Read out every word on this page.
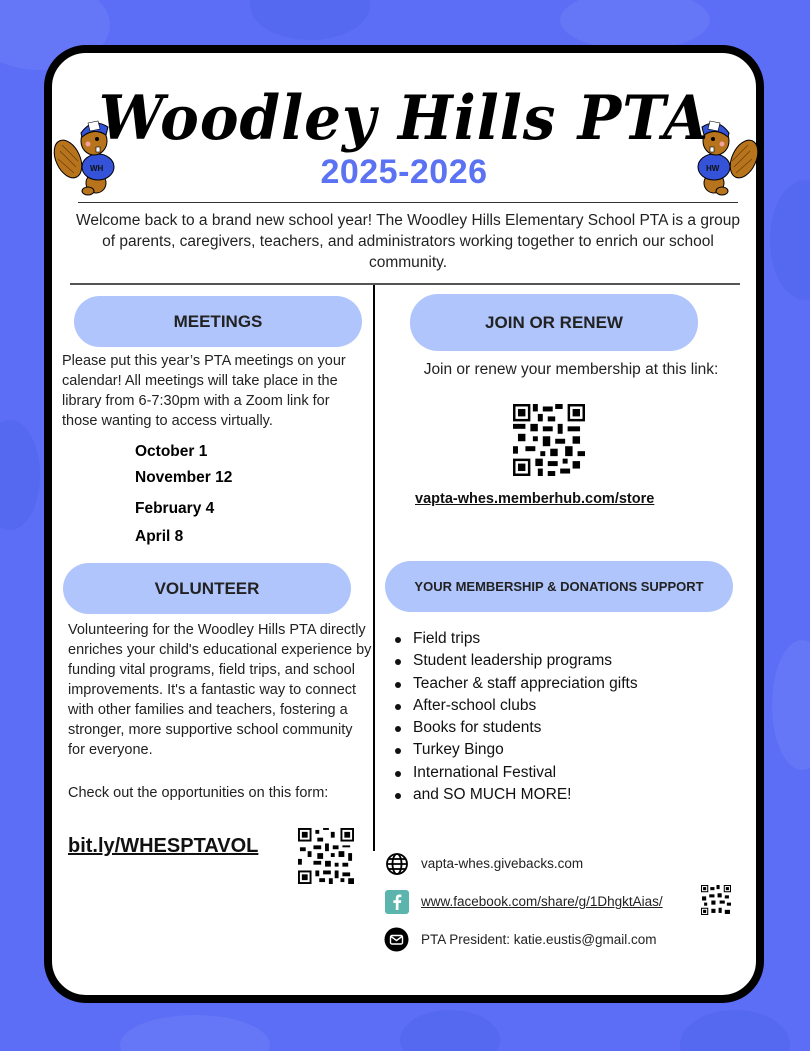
WH	HW
Woodley Hills PTA
2025-2026

Welcome back to a brand new school year! The Woodley Hills Elementary School PTA is a group of parents, caregivers, teachers, and administrators working together to enrich our school community.

MEETINGS

Please put this year’s PTA meetings on your calendar! All meetings will take place in the library from 6-7:30pm with a Zoom link for those wanting to access virtually.

October 1
November 12
February 4
April 8
VOLUNTEER

Volunteering for the Woodley Hills PTA directly enriches your child's educational experience by funding vital programs, field trips, and school improvements. It's a fantastic way to connect with other families and teachers, fostering a stronger, more supportive school community for everyone.

Check out the opportunities on this form:

bit.ly/WHESPTAVOL
JOIN OR RENEW

Join or renew your membership at this link:

vapta-whes.memberhub.com/store
YOUR MEMBERSHIP & DONATIONS SUPPORT
Field trips
Student leadership programs
Teacher & staff appreciation gifts
After-school clubs
Books for students
Turkey Bingo
International Festival
and SO MUCH MORE!
vapta-whes.givebacks.com
www.facebook.com/share/g/1DhgktAias/
PTA President: katie.eustis@gmail.com
